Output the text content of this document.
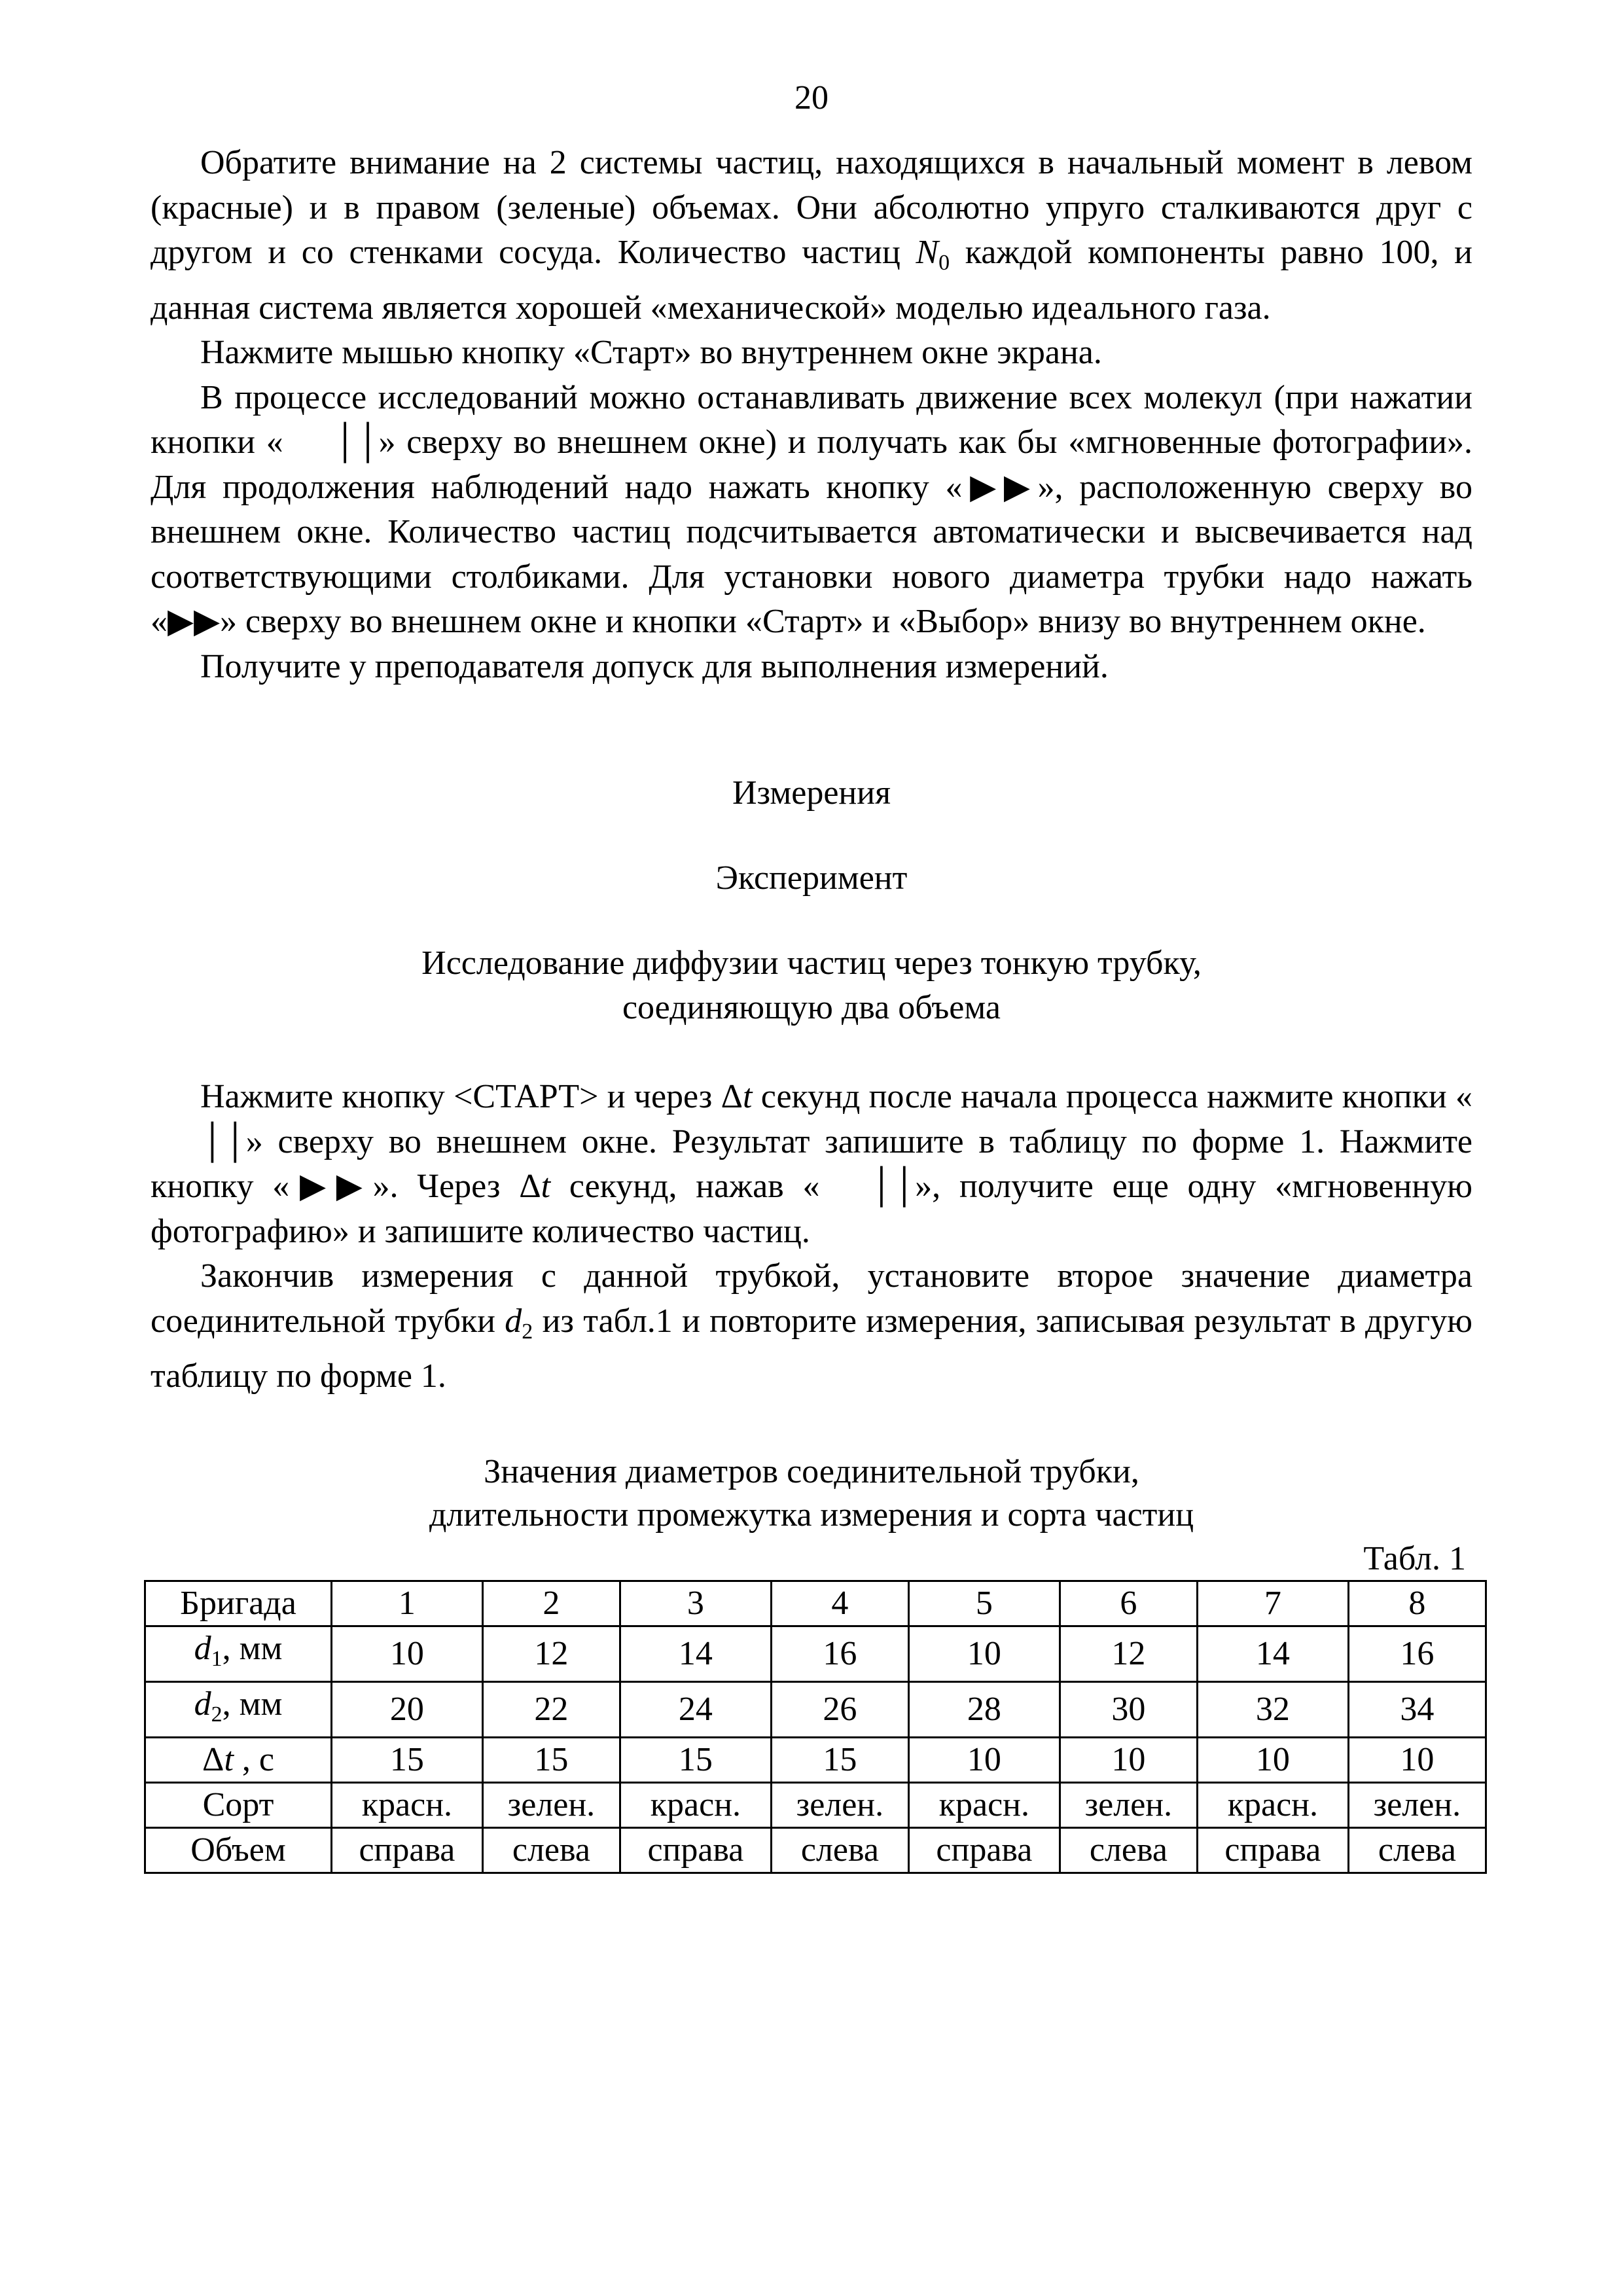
20

Обратите внимание на 2 системы частиц, находящихся в начальный момент в левом (красные) и в правом (зеленые) объемах. Они абсолютно упруго сталкиваются друг с другом и со стенками сосуда. Количество частиц $N_0$ каждой компоненты равно 100, и данная система является хорошей «механической» моделью идеального газа.

Нажмите мышью кнопку «Старт» во внутреннем окне экрана.

В процессе исследований можно останавливать движение всех молекул (при нажатии кнопки « ││» сверху во внешнем окне) и получать как бы «мгновенные фотографии». Для продолжения наблюдений надо нажать кнопку «▶▶», расположенную сверху во внешнем окне. Количество частиц подсчитывается автоматически и высвечивается над соответствующими столбиками. Для установки нового диаметра трубки надо нажать «▶▶» сверху во внешнем окне и кнопки «Старт» и «Выбор» внизу во внутреннем окне.

Получите у преподавателя допуск для выполнения измерений.

Измерения

Эксперимент

Исследование диффузии частиц через тонкую трубку,
соединяющую два объема

Нажмите кнопку <СТАРТ> и через Δt секунд после начала процесса нажмите кнопки «││» сверху во внешнем окне. Результат запишите в таблицу по форме 1. Нажмите кнопку «▶▶». Через Δt секунд, нажав « ││», получите еще одну «мгновенную фотографию» и запишите количество частиц.

Закончив измерения с данной трубкой, установите второе значение диаметра соединительной трубки $d_2$ из табл.1 и повторите измерения, записывая результат в другую таблицу по форме 1.

Значения диаметров соединительной трубки,
длительности промежутка измерения и сорта частиц
Табл. 1
Бригада	1	2	3	4	5	6	7	8
$d_1$, мм	10	12	14	16	10	12	14	16
$d_2$, мм	20	22	24	26	28	30	32	34
Δt , с	15	15	15	15	10	10	10	10
Сорт	красн.	зелен.	красн.	зелен.	красн.	зелен.	красн.	зелен.
Объем	справа	слева	справа	слева	справа	слева	справа	слева
